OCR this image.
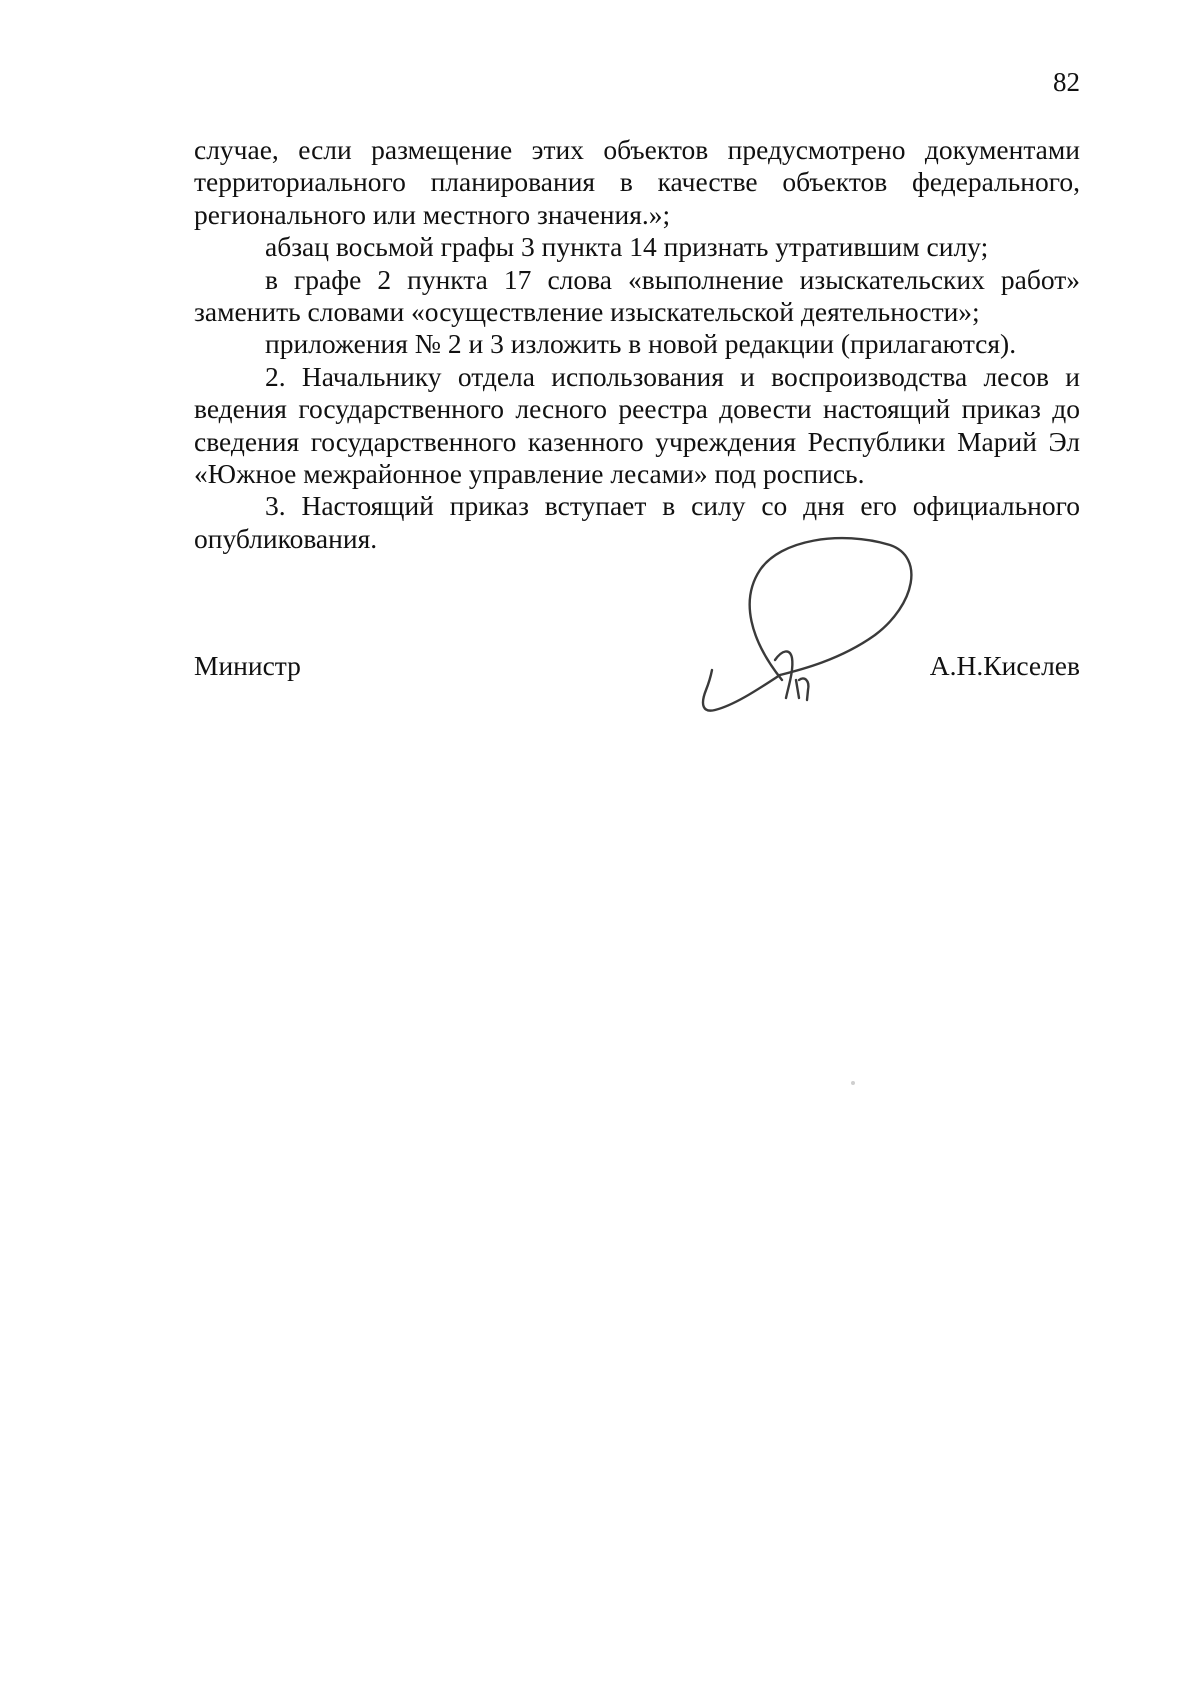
82

случае, если размещение этих объектов предусмотрено документами территориального планирования в качестве объектов федерального, регионального или местного значения.»;

абзац восьмой графы 3 пункта 14 признать утратившим силу;

в графе 2 пункта 17 слова «выполнение изыскательских работ» заменить словами «осуществление изыскательской деятельности»;

приложения № 2 и 3 изложить в новой редакции (прилагаются).

2. Начальнику отдела использования и воспроизводства лесов и ведения государственного лесного реестра довести настоящий приказ до сведения государственного казенного учреждения Республики Марий Эл «Южное межрайонное управление лесами» под роспись.

3. Настоящий приказ вступает в силу со дня его официального опубликования.

Министр	А.Н.Киселев
